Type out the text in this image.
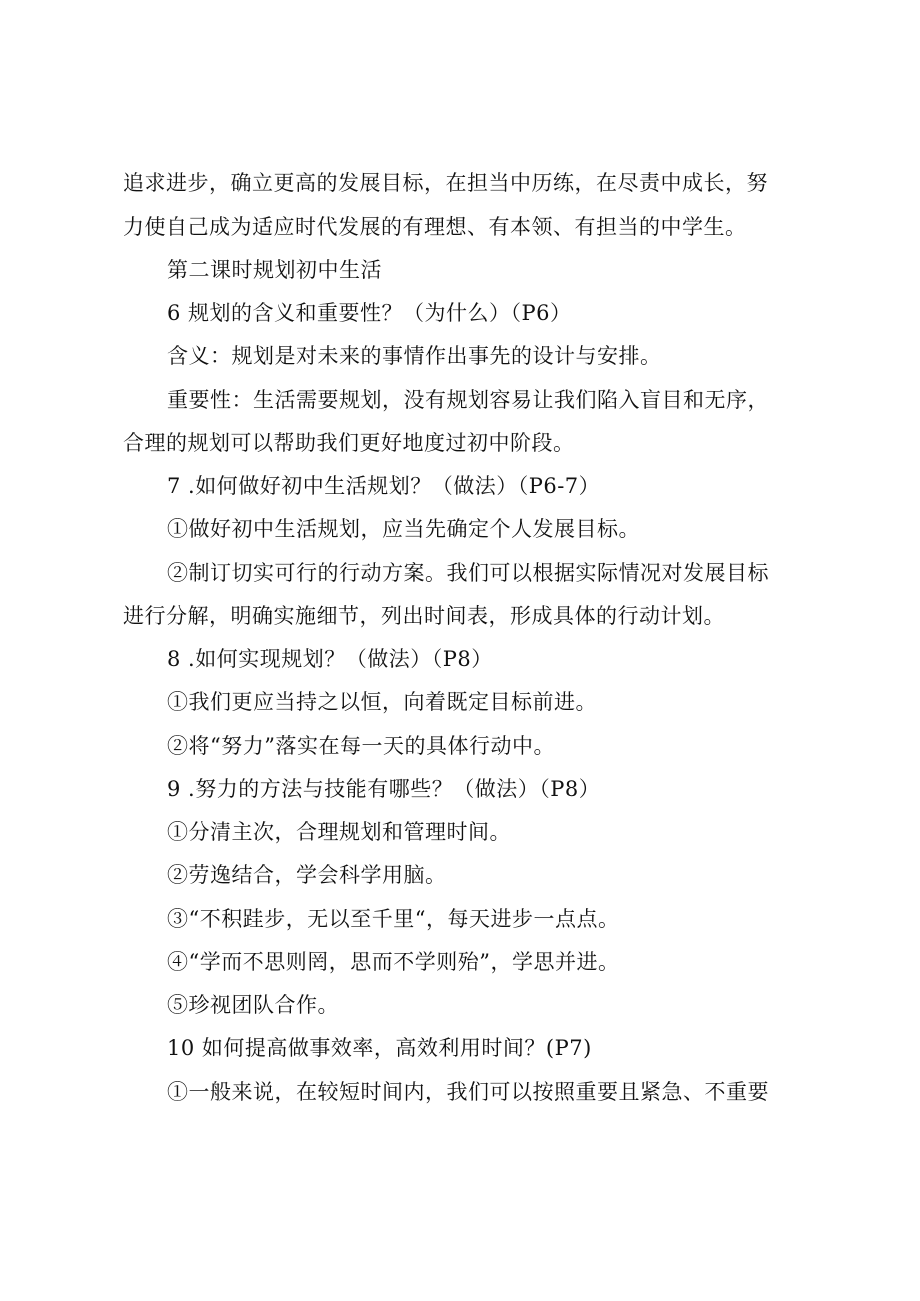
追求进步，确立更高的发展目标，在担当中历练，在尽责中成长，努
力使自己成为适应时代发展的有理想、有本领、有担当的中学生。
第二课时规划初中生活
6 规划的含义和重要性？（为什么）（P6）
含义：规划是对未来的事情作出事先的设计与安排。
重要性：生活需要规划，没有规划容易让我们陷入盲目和无序，
合理的规划可以帮助我们更好地度过初中阶段。
7 .如何做好初中生活规划？（做法）（P6-7）
①做好初中生活规划，应当先确定个人发展目标。
②制订切实可行的行动方案。我们可以根据实际情况对发展目标
进行分解，明确实施细节，列出时间表，形成具体的行动计划。
8 .如何实现规划？（做法）（P8）
①我们更应当持之以恒，向着既定目标前进。
②将“努力”落实在每一天的具体行动中。
9 .努力的方法与技能有哪些？（做法）（P8）
①分清主次，合理规划和管理时间。
②劳逸结合，学会科学用脑。
③“不积跬步，无以至千里“，每天进步一点点。
④“学而不思则罔，思而不学则殆”，学思并进。
⑤珍视团队合作。
10 如何提高做事效率，高效利用时间？(P7)
①一般来说，在较短时间内，我们可以按照重要且紧急、不重要
